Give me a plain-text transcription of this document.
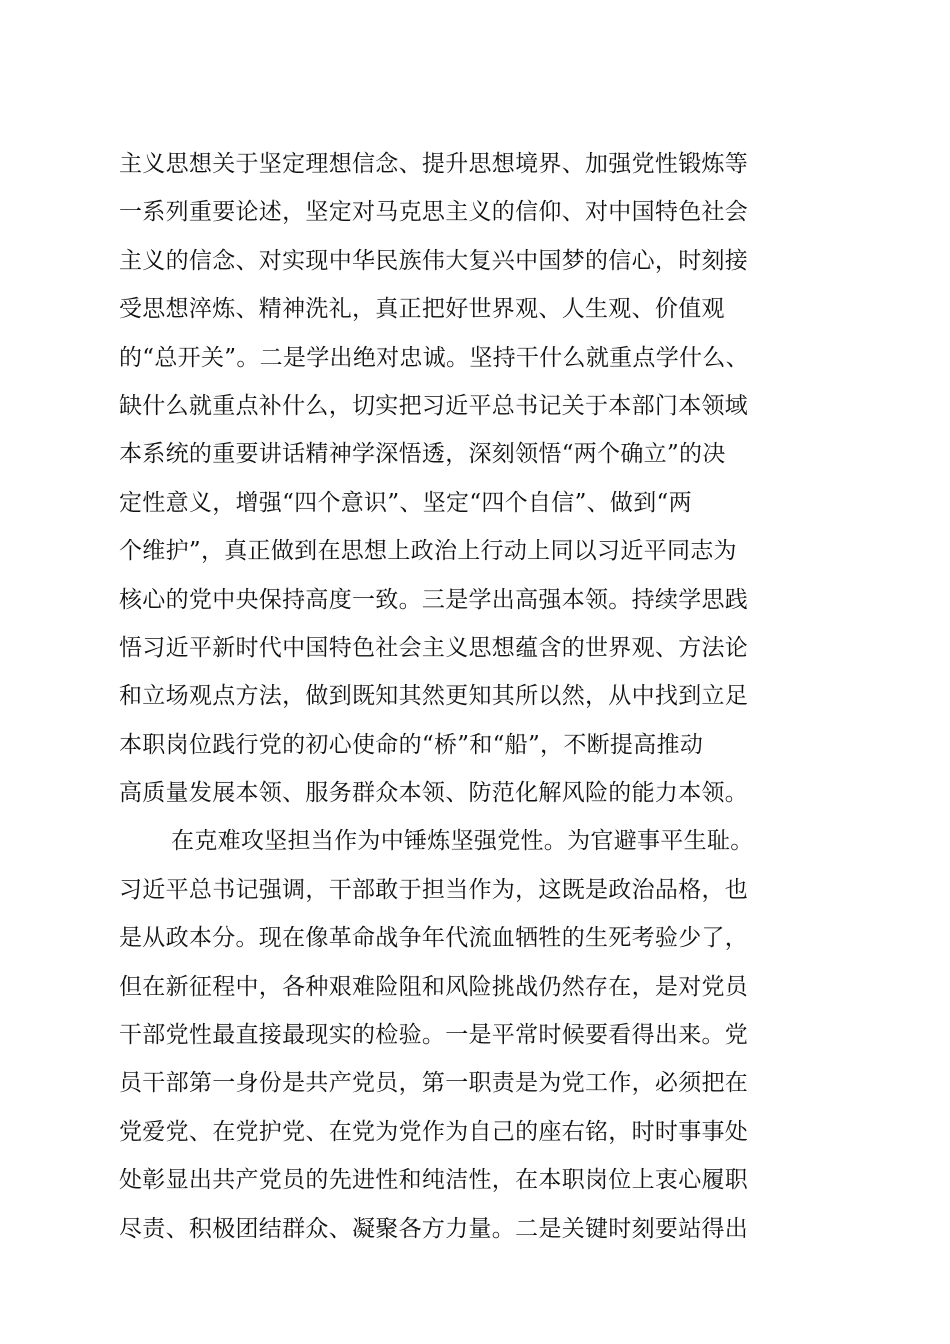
主义思想关于坚定理想信念、提升思想境界、加强党性锻炼等
一系列重要论述，坚定对马克思主义的信仰、对中国特色社会
主义的信念、对实现中华民族伟大复兴中国梦的信心，时刻接
受思想淬炼、精神洗礼，真正把好世界观、人生观、价值观
的“总开关”。二是学出绝对忠诚。坚持干什么就重点学什么、
缺什么就重点补什么，切实把习近平总书记关于本部门本领域
本系统的重要讲话精神学深悟透，深刻领悟“两个确立”的决
定性意义，增强“四个意识”、坚定“四个自信”、做到“两
个维护”，真正做到在思想上政治上行动上同以习近平同志为
核心的党中央保持高度一致。三是学出高强本领。持续学思践
悟习近平新时代中国特色社会主义思想蕴含的世界观、方法论
和立场观点方法，做到既知其然更知其所以然，从中找到立足
本职岗位践行党的初心使命的“桥”和“船”，不断提高推动
高质量发展本领、服务群众本领、防范化解风险的能力本领。
在克难攻坚担当作为中锤炼坚强党性。为官避事平生耻。
习近平总书记强调，干部敢于担当作为，这既是政治品格，也
是从政本分。现在像革命战争年代流血牺牲的生死考验少了，
但在新征程中，各种艰难险阻和风险挑战仍然存在，是对党员
干部党性最直接最现实的检验。一是平常时候要看得出来。党
员干部第一身份是共产党员，第一职责是为党工作，必须把在
党爱党、在党护党、在党为党作为自己的座右铭，时时事事处
处彰显出共产党员的先进性和纯洁性，在本职岗位上衷心履职
尽责、积极团结群众、凝聚各方力量。二是关键时刻要站得出
